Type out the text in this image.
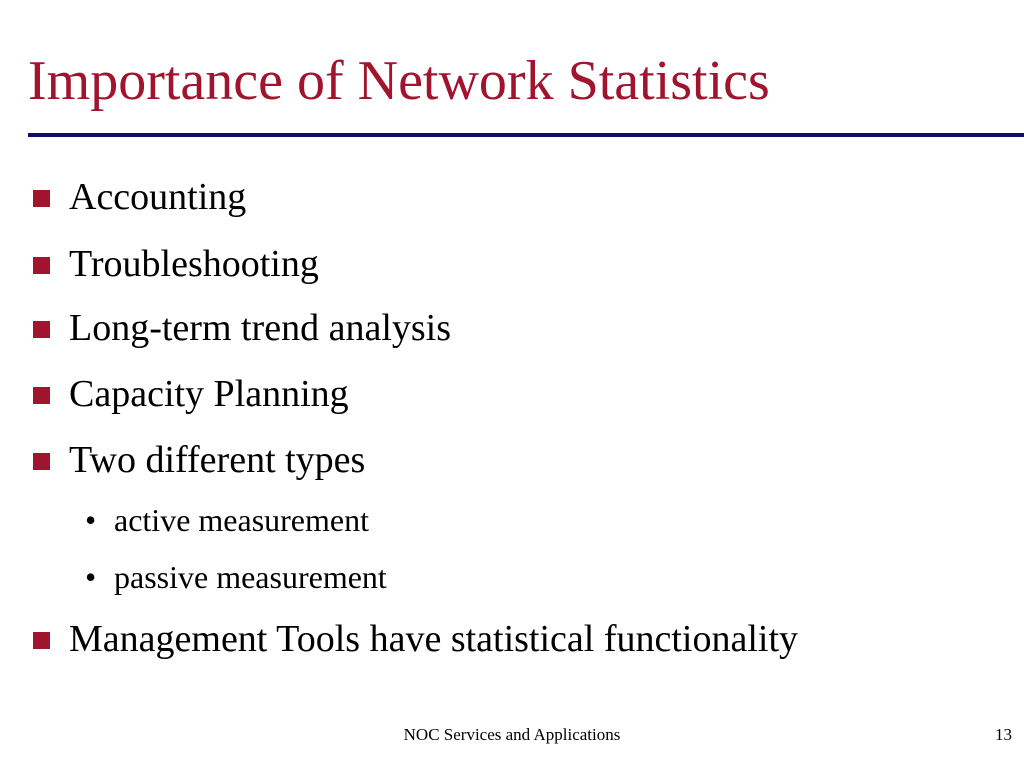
Importance of Network Statistics
Accounting
Troubleshooting
Long-term trend analysis
Capacity Planning
Two different types
• active measurement
• passive measurement
Management Tools have statistical functionality
NOC Services and Applications	13
